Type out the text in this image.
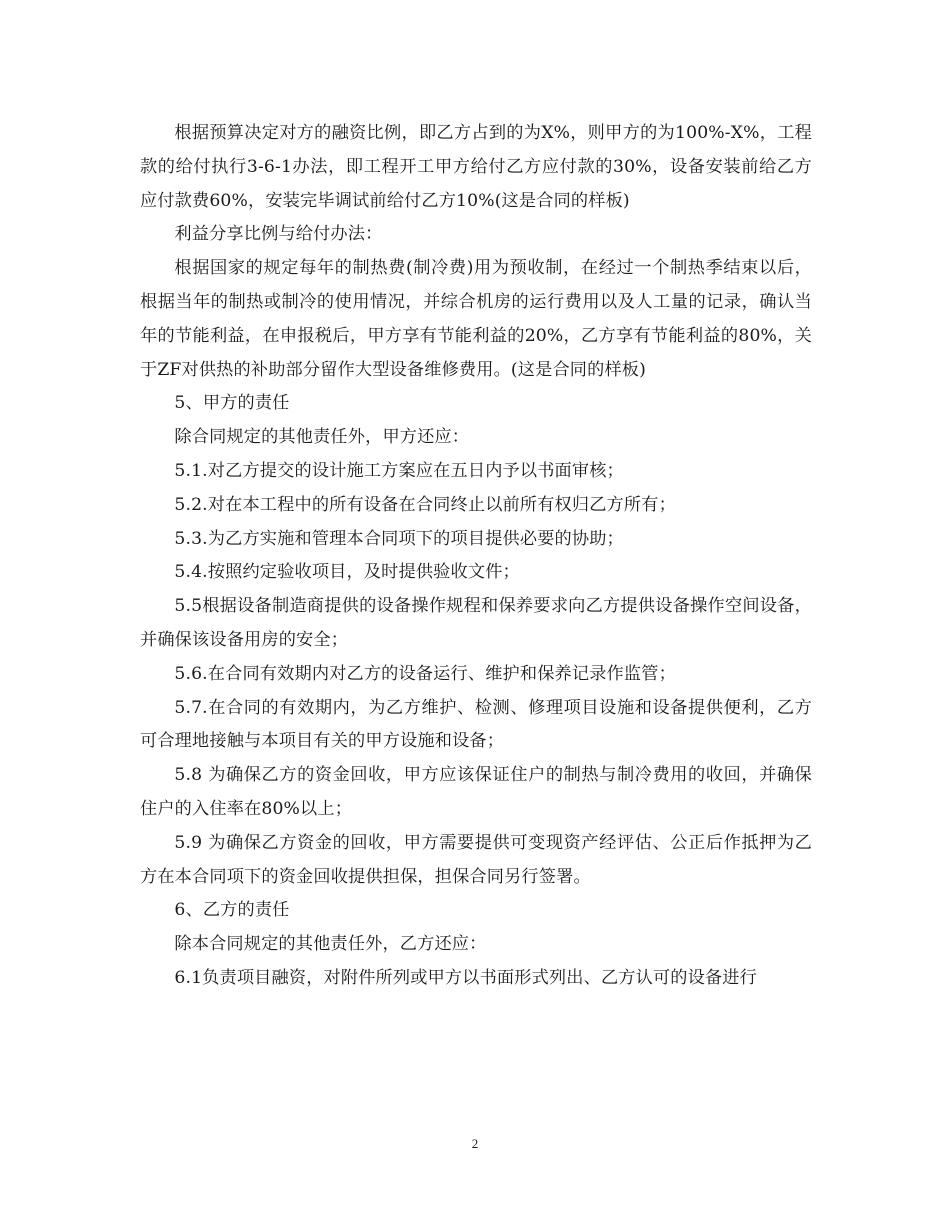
根据预算决定对方的融资比例，即乙方占到的为X%，则甲方的为100%-X%，工程款的给付执行3-6-1办法，即工程开工甲方给付乙方应付款的30%，设备安装前给乙方应付款费60%，安装完毕调试前给付乙方10%(这是合同的样板)

利益分享比例与给付办法：

根据国家的规定每年的制热费(制冷费)用为预收制，在经过一个制热季结束以后，根据当年的制热或制冷的使用情况，并综合机房的运行费用以及人工量的记录，确认当年的节能利益，在申报税后，甲方享有节能利益的20%，乙方享有节能利益的80%，关于ZF对供热的补助部分留作大型设备维修费用。(这是合同的样板)

5、甲方的责任

除合同规定的其他责任外，甲方还应：

5.1.对乙方提交的设计施工方案应在五日内予以书面审核；

5.2.对在本工程中的所有设备在合同终止以前所有权归乙方所有；

5.3.为乙方实施和管理本合同项下的项目提供必要的协助；

5.4.按照约定验收项目，及时提供验收文件；

5.5根据设备制造商提供的设备操作规程和保养要求向乙方提供设备操作空间设备，并确保该设备用房的安全；

5.6.在合同有效期内对乙方的设备运行、维护和保养记录作监管；

5.7.在合同的有效期内，为乙方维护、检测、修理项目设施和设备提供便利，乙方可合理地接触与本项目有关的甲方设施和设备；

5.8 为确保乙方的资金回收，甲方应该保证住户的制热与制冷费用的收回，并确保住户的入住率在80%以上；

5.9 为确保乙方资金的回收，甲方需要提供可变现资产经评估、公正后作抵押为乙方在本合同项下的资金回收提供担保，担保合同另行签署。

6、乙方的责任

除本合同规定的其他责任外，乙方还应：

6.1负责项目融资，对附件所列或甲方以书面形式列出、乙方认可的设备进行

2
